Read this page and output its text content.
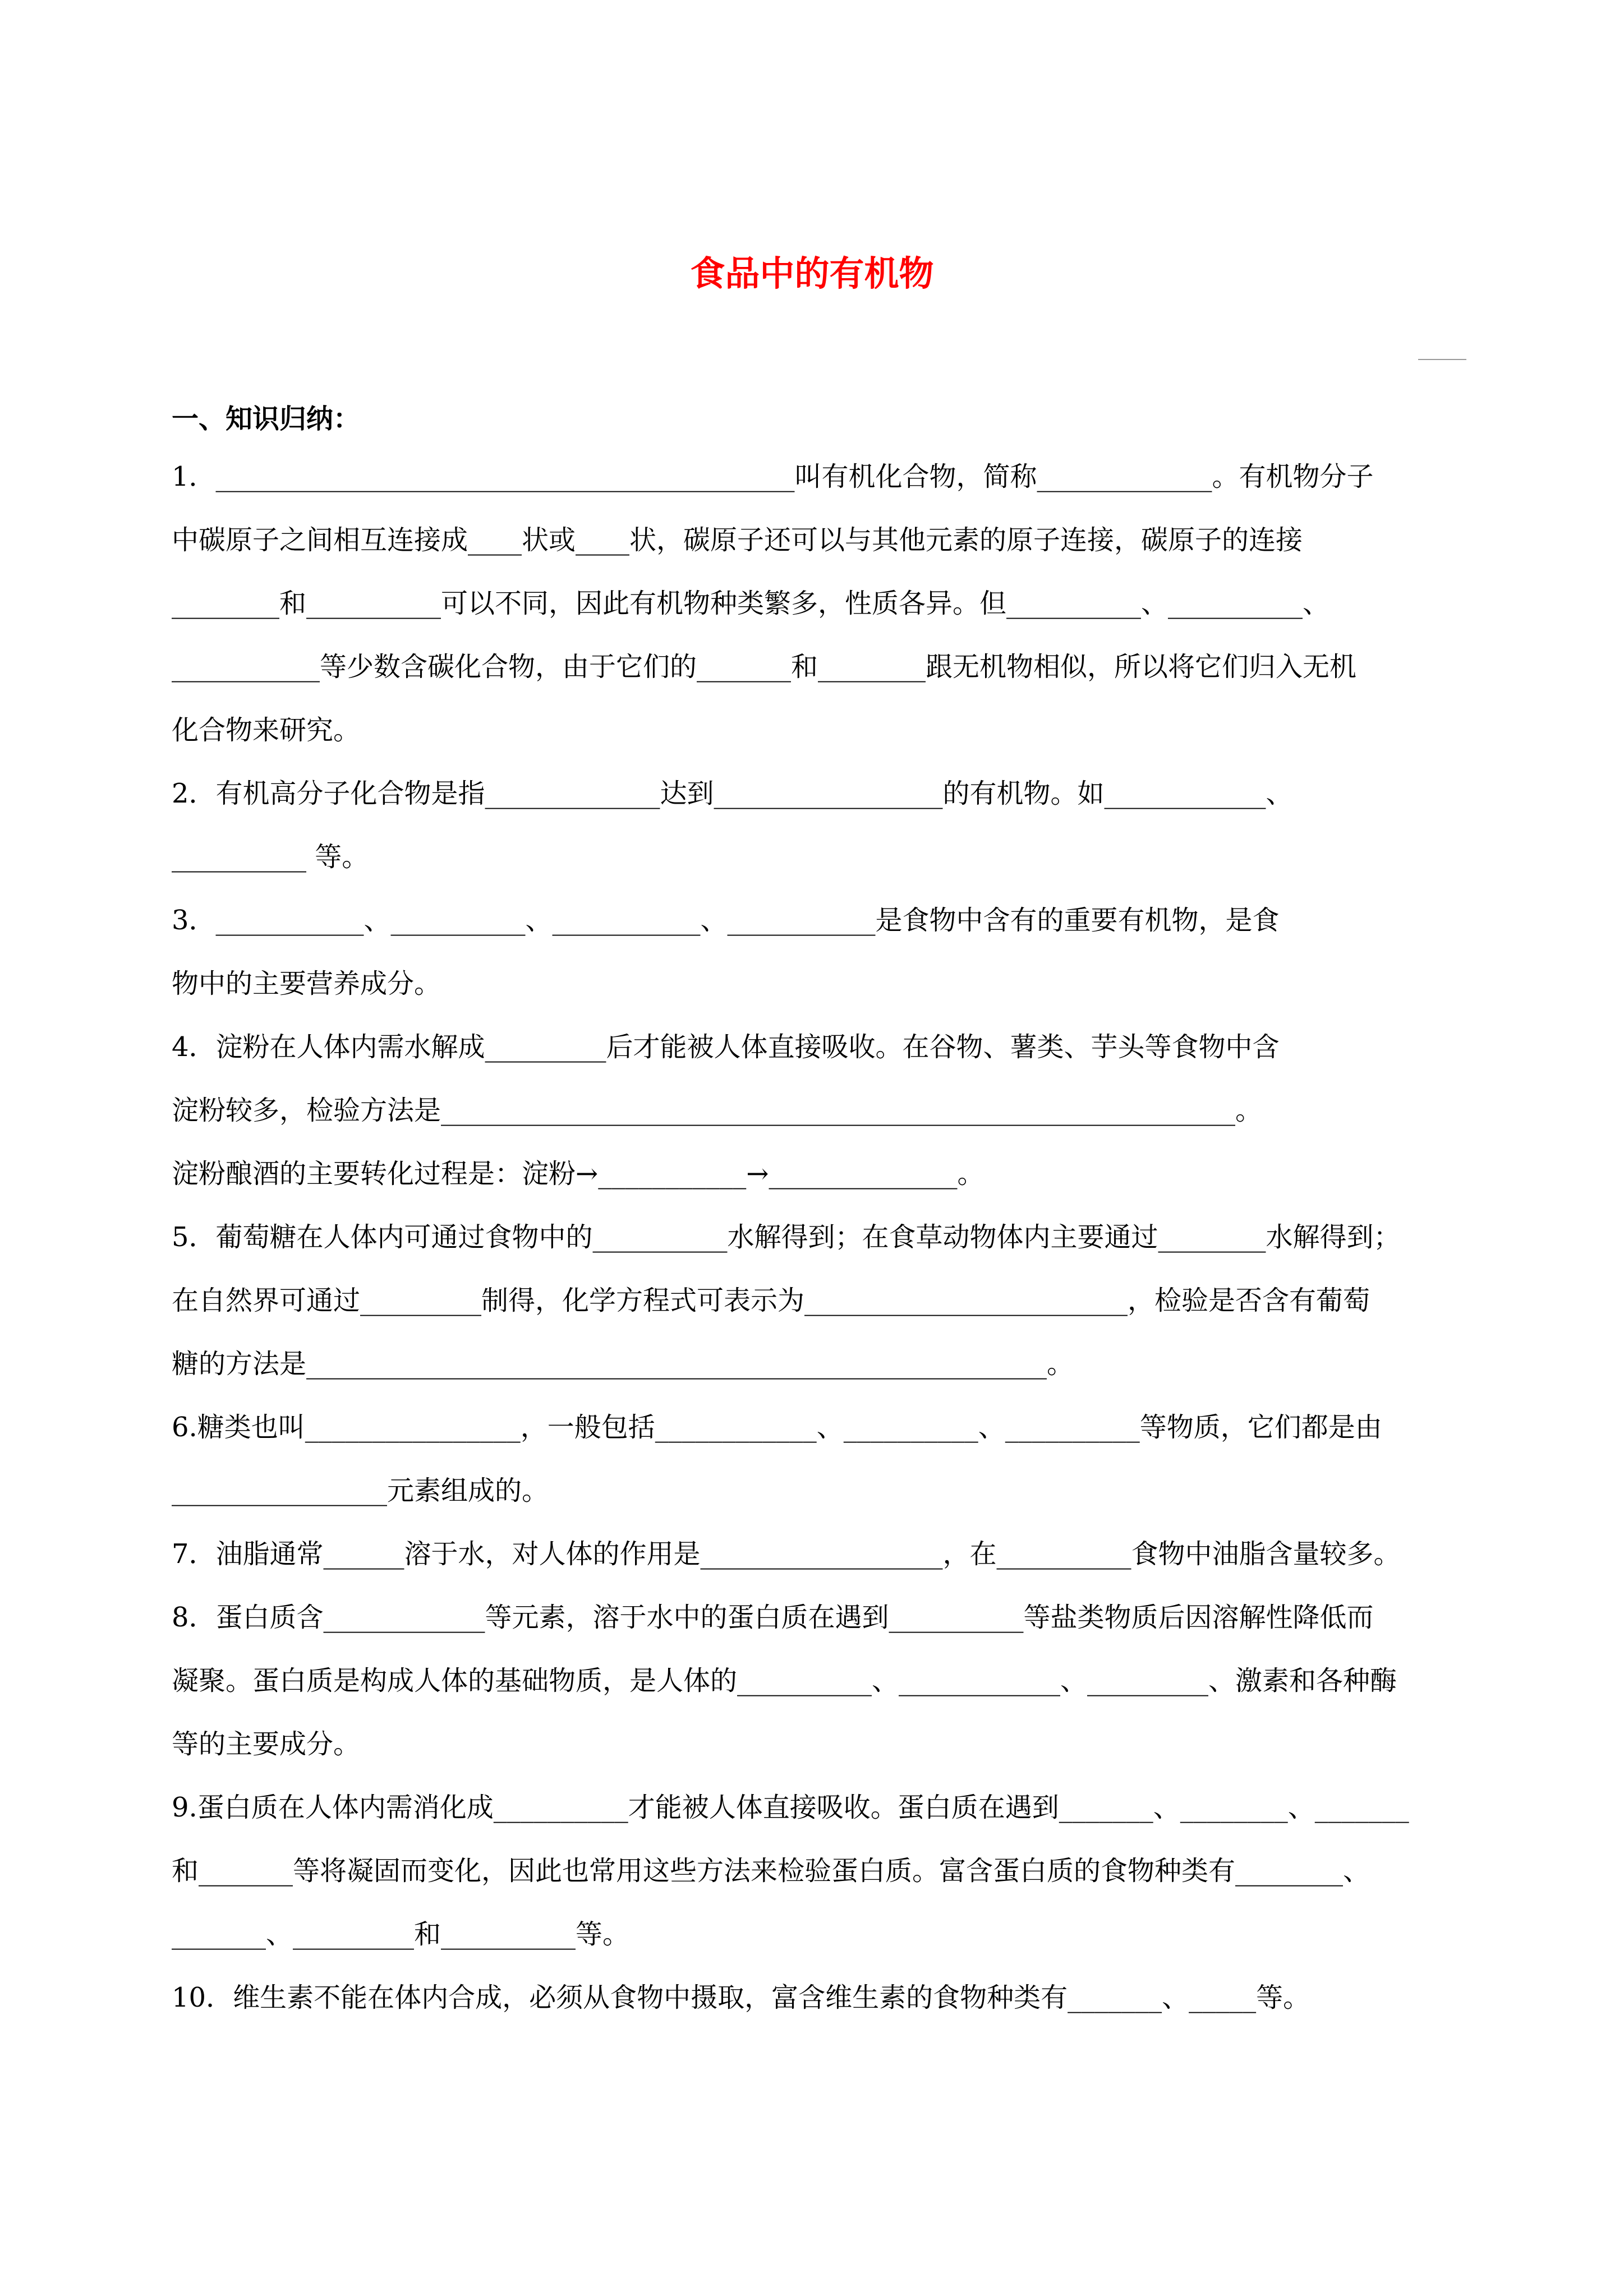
食品中的有机物
一、知识归纳：
1．___________________________________________叫有机化合物，简称_____________。有机物分子
中碳原子之间相互连接成____状或____状，碳原子还可以与其他元素的原子连接，碳原子的连接
________和__________可以不同，因此有机物种类繁多，性质各异。但__________、__________、
___________等少数含碳化合物，由于它们的_______和________跟无机物相似，所以将它们归入无机
化合物来研究。
2．有机高分子化合物是指_____________达到_________________的有机物。如____________、
__________ 等。
3．___________、__________、___________、___________是食物中含有的重要有机物，是食
物中的主要营养成分。
4．淀粉在人体内需水解成_________后才能被人体直接吸收。在谷物、薯类、芋头等食物中含
淀粉较多，检验方法是___________________________________________________________。
淀粉酿酒的主要转化过程是：淀粉→___________→______________。
5．葡萄糖在人体内可通过食物中的__________水解得到；在食草动物体内主要通过________水解得到；
在自然界可通过_________制得，化学方程式可表示为________________________，检验是否含有葡萄
糖的方法是_______________________________________________________。
6.糖类也叫________________，一般包括____________、__________、__________等物质，它们都是由
________________元素组成的。
7．油脂通常______溶于水，对人体的作用是__________________，在__________食物中油脂含量较多。
8．蛋白质含____________等元素，溶于水中的蛋白质在遇到__________等盐类物质后因溶解性降低而
凝聚。蛋白质是构成人体的基础物质，是人体的__________、____________、_________、激素和各种酶
等的主要成分。
9.蛋白质在人体内需消化成__________才能被人体直接吸收。蛋白质在遇到_______、________、_______
和_______等将凝固而变化，因此也常用这些方法来检验蛋白质。富含蛋白质的食物种类有________、
_______、_________和__________等。
10．维生素不能在体内合成，必须从食物中摄取，富含维生素的食物种类有_______、_____等。
